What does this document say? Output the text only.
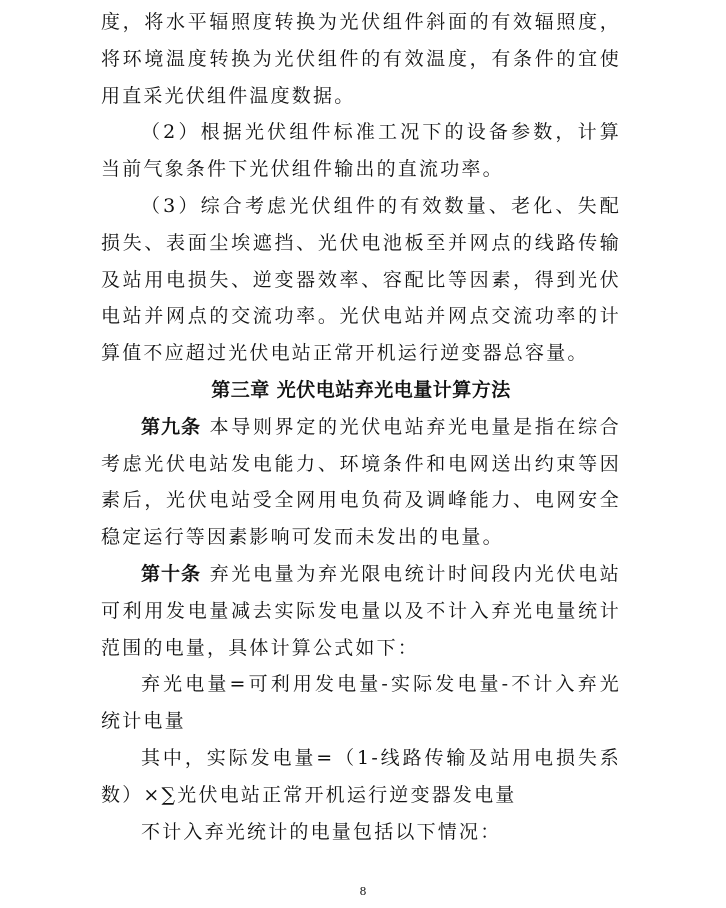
度，将水平辐照度转换为光伏组件斜面的有效辐照度，将环境温度转换为光伏组件的有效温度，有条件的宜使用直采光伏组件温度数据。

（2）根据光伏组件标准工况下的设备参数，计算当前气象条件下光伏组件输出的直流功率。

（3）综合考虑光伏组件的有效数量、老化、失配损失、表面尘埃遮挡、光伏电池板至并网点的线路传输及站用电损失、逆变器效率、容配比等因素，得到光伏电站并网点的交流功率。光伏电站并网点交流功率的计算值不应超过光伏电站正常开机运行逆变器总容量。

第三章 光伏电站弃光电量计算方法

第九条 本导则界定的光伏电站弃光电量是指在综合考虑光伏电站发电能力、环境条件和电网送出约束等因素后，光伏电站受全网用电负荷及调峰能力、电网安全稳定运行等因素影响可发而未发出的电量。

第十条 弃光电量为弃光限电统计时间段内光伏电站可利用发电量减去实际发电量以及不计入弃光电量统计范围的电量，具体计算公式如下：

弃光电量=可利用发电量-实际发电量-不计入弃光统计电量

其中，实际发电量=（1-线路传输及站用电损失系数）×∑光伏电站正常开机运行逆变器发电量

不计入弃光统计的电量包括以下情况：

8
